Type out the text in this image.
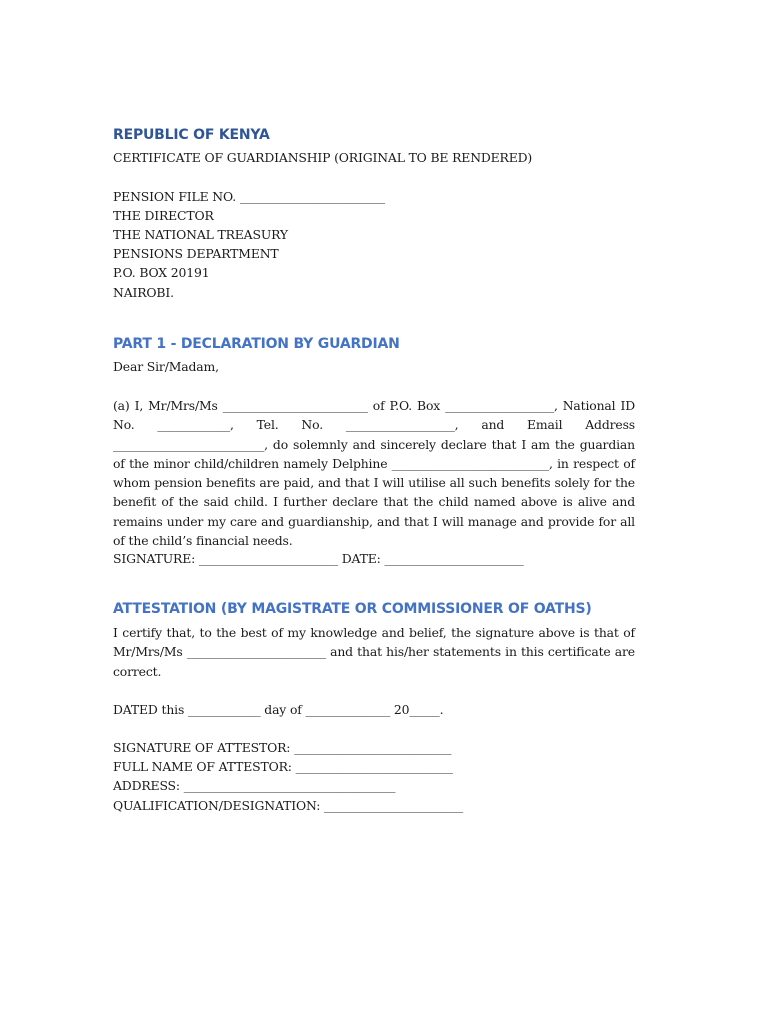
REPUBLIC OF KENYA
CERTIFICATE OF GUARDIANSHIP (ORIGINAL TO BE RENDERED)
PENSION FILE NO. ________________________
THE DIRECTOR
THE NATIONAL TREASURY
PENSIONS DEPARTMENT
P.O. BOX 20191
NAIROBI.
PART 1 - DECLARATION BY GUARDIAN
Dear Sir/Madam,
(a) I, Mr/Mrs/Ms ________________________ of P.O. Box __________________, National ID No. ____________, Tel. No. __________________, and Email Address _________________________, do solemnly and sincerely declare that I am the guardian of the minor child/children namely Delphine __________________________, in respect of whom pension benefits are paid, and that I will utilise all such benefits solely for the benefit of the said child. I further declare that the child named above is alive and remains under my care and guardianship, and that I will manage and provide for all of the child’s financial needs.
SIGNATURE: _______________________ DATE: _______________________
ATTESTATION (BY MAGISTRATE OR COMMISSIONER OF OATHS)
I certify that, to the best of my knowledge and belief, the signature above is that of Mr/Mrs/Ms _______________________ and that his/her statements in this certificate are correct.
DATED this ____________ day of ______________ 20_____.
SIGNATURE OF ATTESTOR: __________________________
FULL NAME OF ATTESTOR: __________________________
ADDRESS: ___________________________________
QUALIFICATION/DESIGNATION: _______________________
